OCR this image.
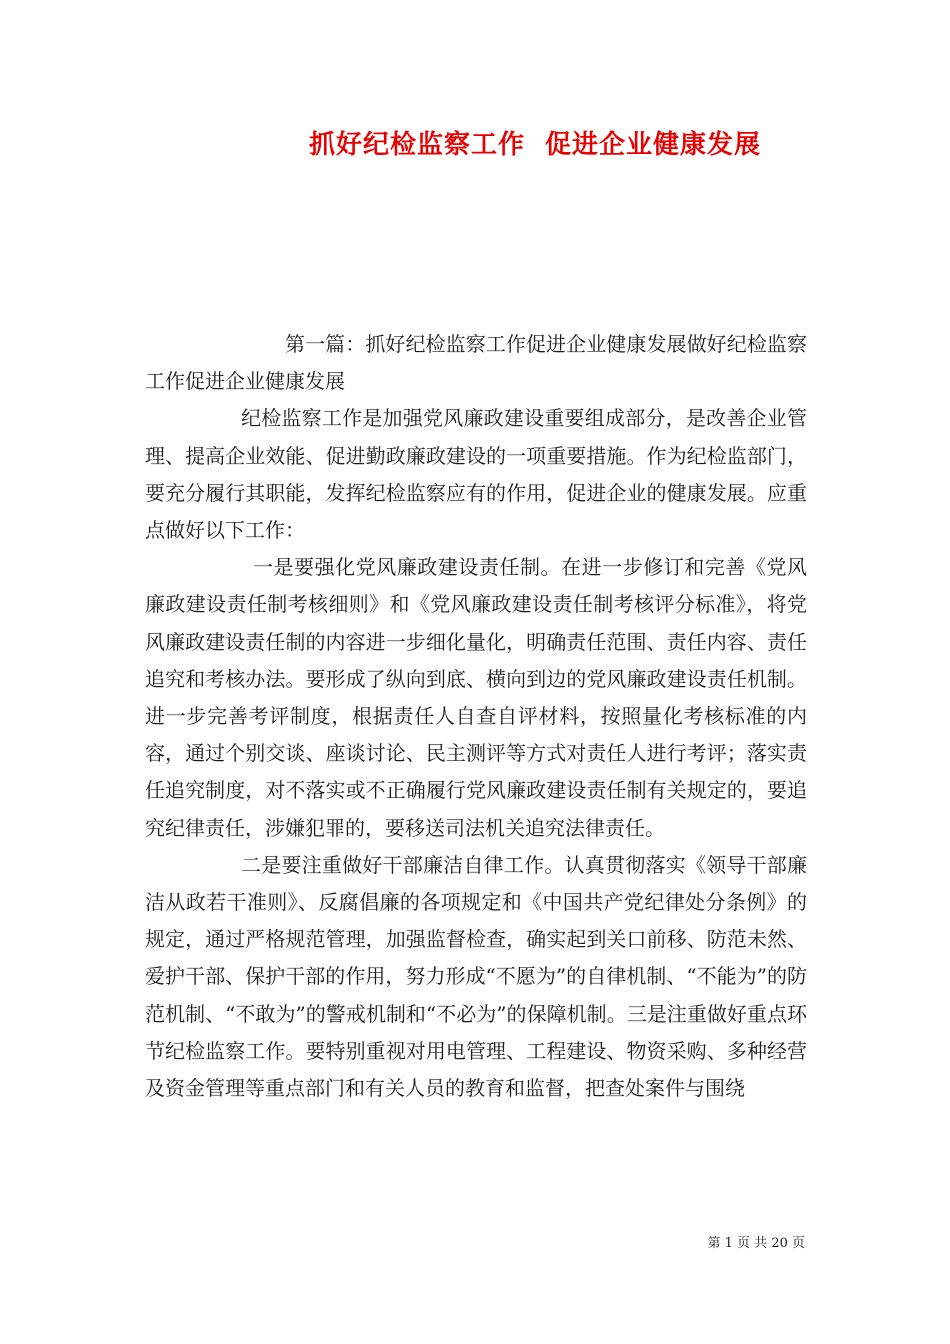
抓好纪检监察工作  促进企业健康发展

第一篇：抓好纪检监察工作促进企业健康发展做好纪检监察工作促进企业健康发展

纪检监察工作是加强党风廉政建设重要组成部分，是改善企业管理、提高企业效能、促进勤政廉政建设的一项重要措施。作为纪检监部门，要充分履行其职能，发挥纪检监察应有的作用，促进企业的健康发展。应重点做好以下工作：

一是要强化党风廉政建设责任制。在进一步修订和完善《党风廉政建设责任制考核细则》和《党风廉政建设责任制考核评分标准》，将党风廉政建设责任制的内容进一步细化量化，明确责任范围、责任内容、责任追究和考核办法。要形成了纵向到底、横向到边的党风廉政建设责任机制。进一步完善考评制度，根据责任人自查自评材料，按照量化考核标准的内容，通过个别交谈、座谈讨论、民主测评等方式对责任人进行考评；落实责任追究制度，对不落实或不正确履行党风廉政建设责任制有关规定的，要追究纪律责任，涉嫌犯罪的，要移送司法机关追究法律责任。

二是要注重做好干部廉洁自律工作。认真贯彻落实《领导干部廉洁从政若干准则》、反腐倡廉的各项规定和《中国共产党纪律处分条例》的规定，通过严格规范管理，加强监督检查，确实起到关口前移、防范未然、爱护干部、保护干部的作用，努力形成“不愿为”的自律机制、“不能为”的防范机制、“不敢为”的警戒机制和“不必为”的保障机制。三是注重做好重点环节纪检监察工作。要特别重视对用电管理、工程建设、物资采购、多种经营及资金管理等重点部门和有关人员的教育和监督，把查处案件与围绕

第 1 页 共 20 页
